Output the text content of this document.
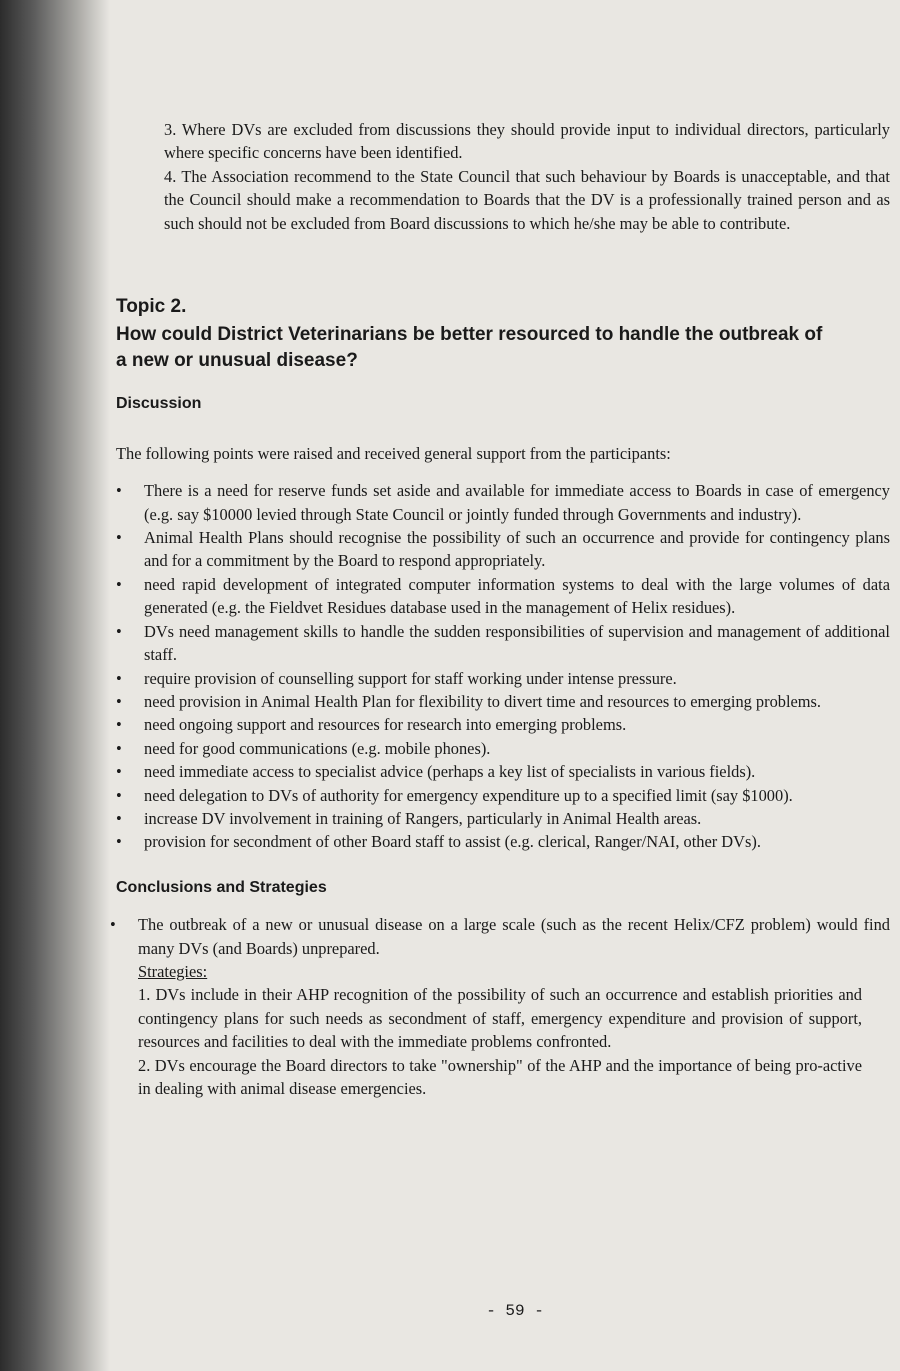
3. Where DVs are excluded from discussions they should provide input to individual directors, particularly where specific concerns have been identified.

4. The Association recommend to the State Council that such behaviour by Boards is unacceptable, and that the Council should make a recommendation to Boards that the DV is a professionally trained person and as such should not be excluded from Board discussions to which he/she may be able to contribute.

Topic 2.
How could District Veterinarians be better resourced to handle the outbreak of a new or unusual disease?
Discussion
The following points were raised and received general support from the participants:
• There is a need for reserve funds set aside and available for immediate access to Boards in case of emergency (e.g. say $10000 levied through State Council or jointly funded through Governments and industry).
• Animal Health Plans should recognise the possibility of such an occurrence and provide for contingency plans and for a commitment by the Board to respond appropriately.
• need rapid development of integrated computer information systems to deal with the large volumes of data generated (e.g. the Fieldvet Residues database used in the management of Helix residues).
• DVs need management skills to handle the sudden responsibilities of supervision and management of additional staff.
• require provision of counselling support for staff working under intense pressure.
• need provision in Animal Health Plan for flexibility to divert time and resources to emerging problems.
• need ongoing support and resources for research into emerging problems.
• need for good communications (e.g. mobile phones).
• need immediate access to specialist advice (perhaps a key list of specialists in various fields).
• need delegation to DVs of authority for emergency expenditure up to a specified limit (say $1000).
• increase DV involvement in training of Rangers, particularly in Animal Health areas.
• provision for secondment of other Board staff to assist (e.g. clerical, Ranger/NAI, other DVs).
Conclusions and Strategies
• The outbreak of a new or unusual disease on a large scale (such as the recent Helix/CFZ problem) would find many DVs (and Boards) unprepared.
Strategies:
1. DVs include in their AHP recognition of the possibility of such an occurrence and establish priorities and contingency plans for such needs as secondment of staff, emergency expenditure and provision of support, resources and facilities to deal with the immediate problems confronted.
2. DVs encourage the Board directors to take "ownership" of the AHP and the importance of being pro-active in dealing with animal disease emergencies.
- 59 -
